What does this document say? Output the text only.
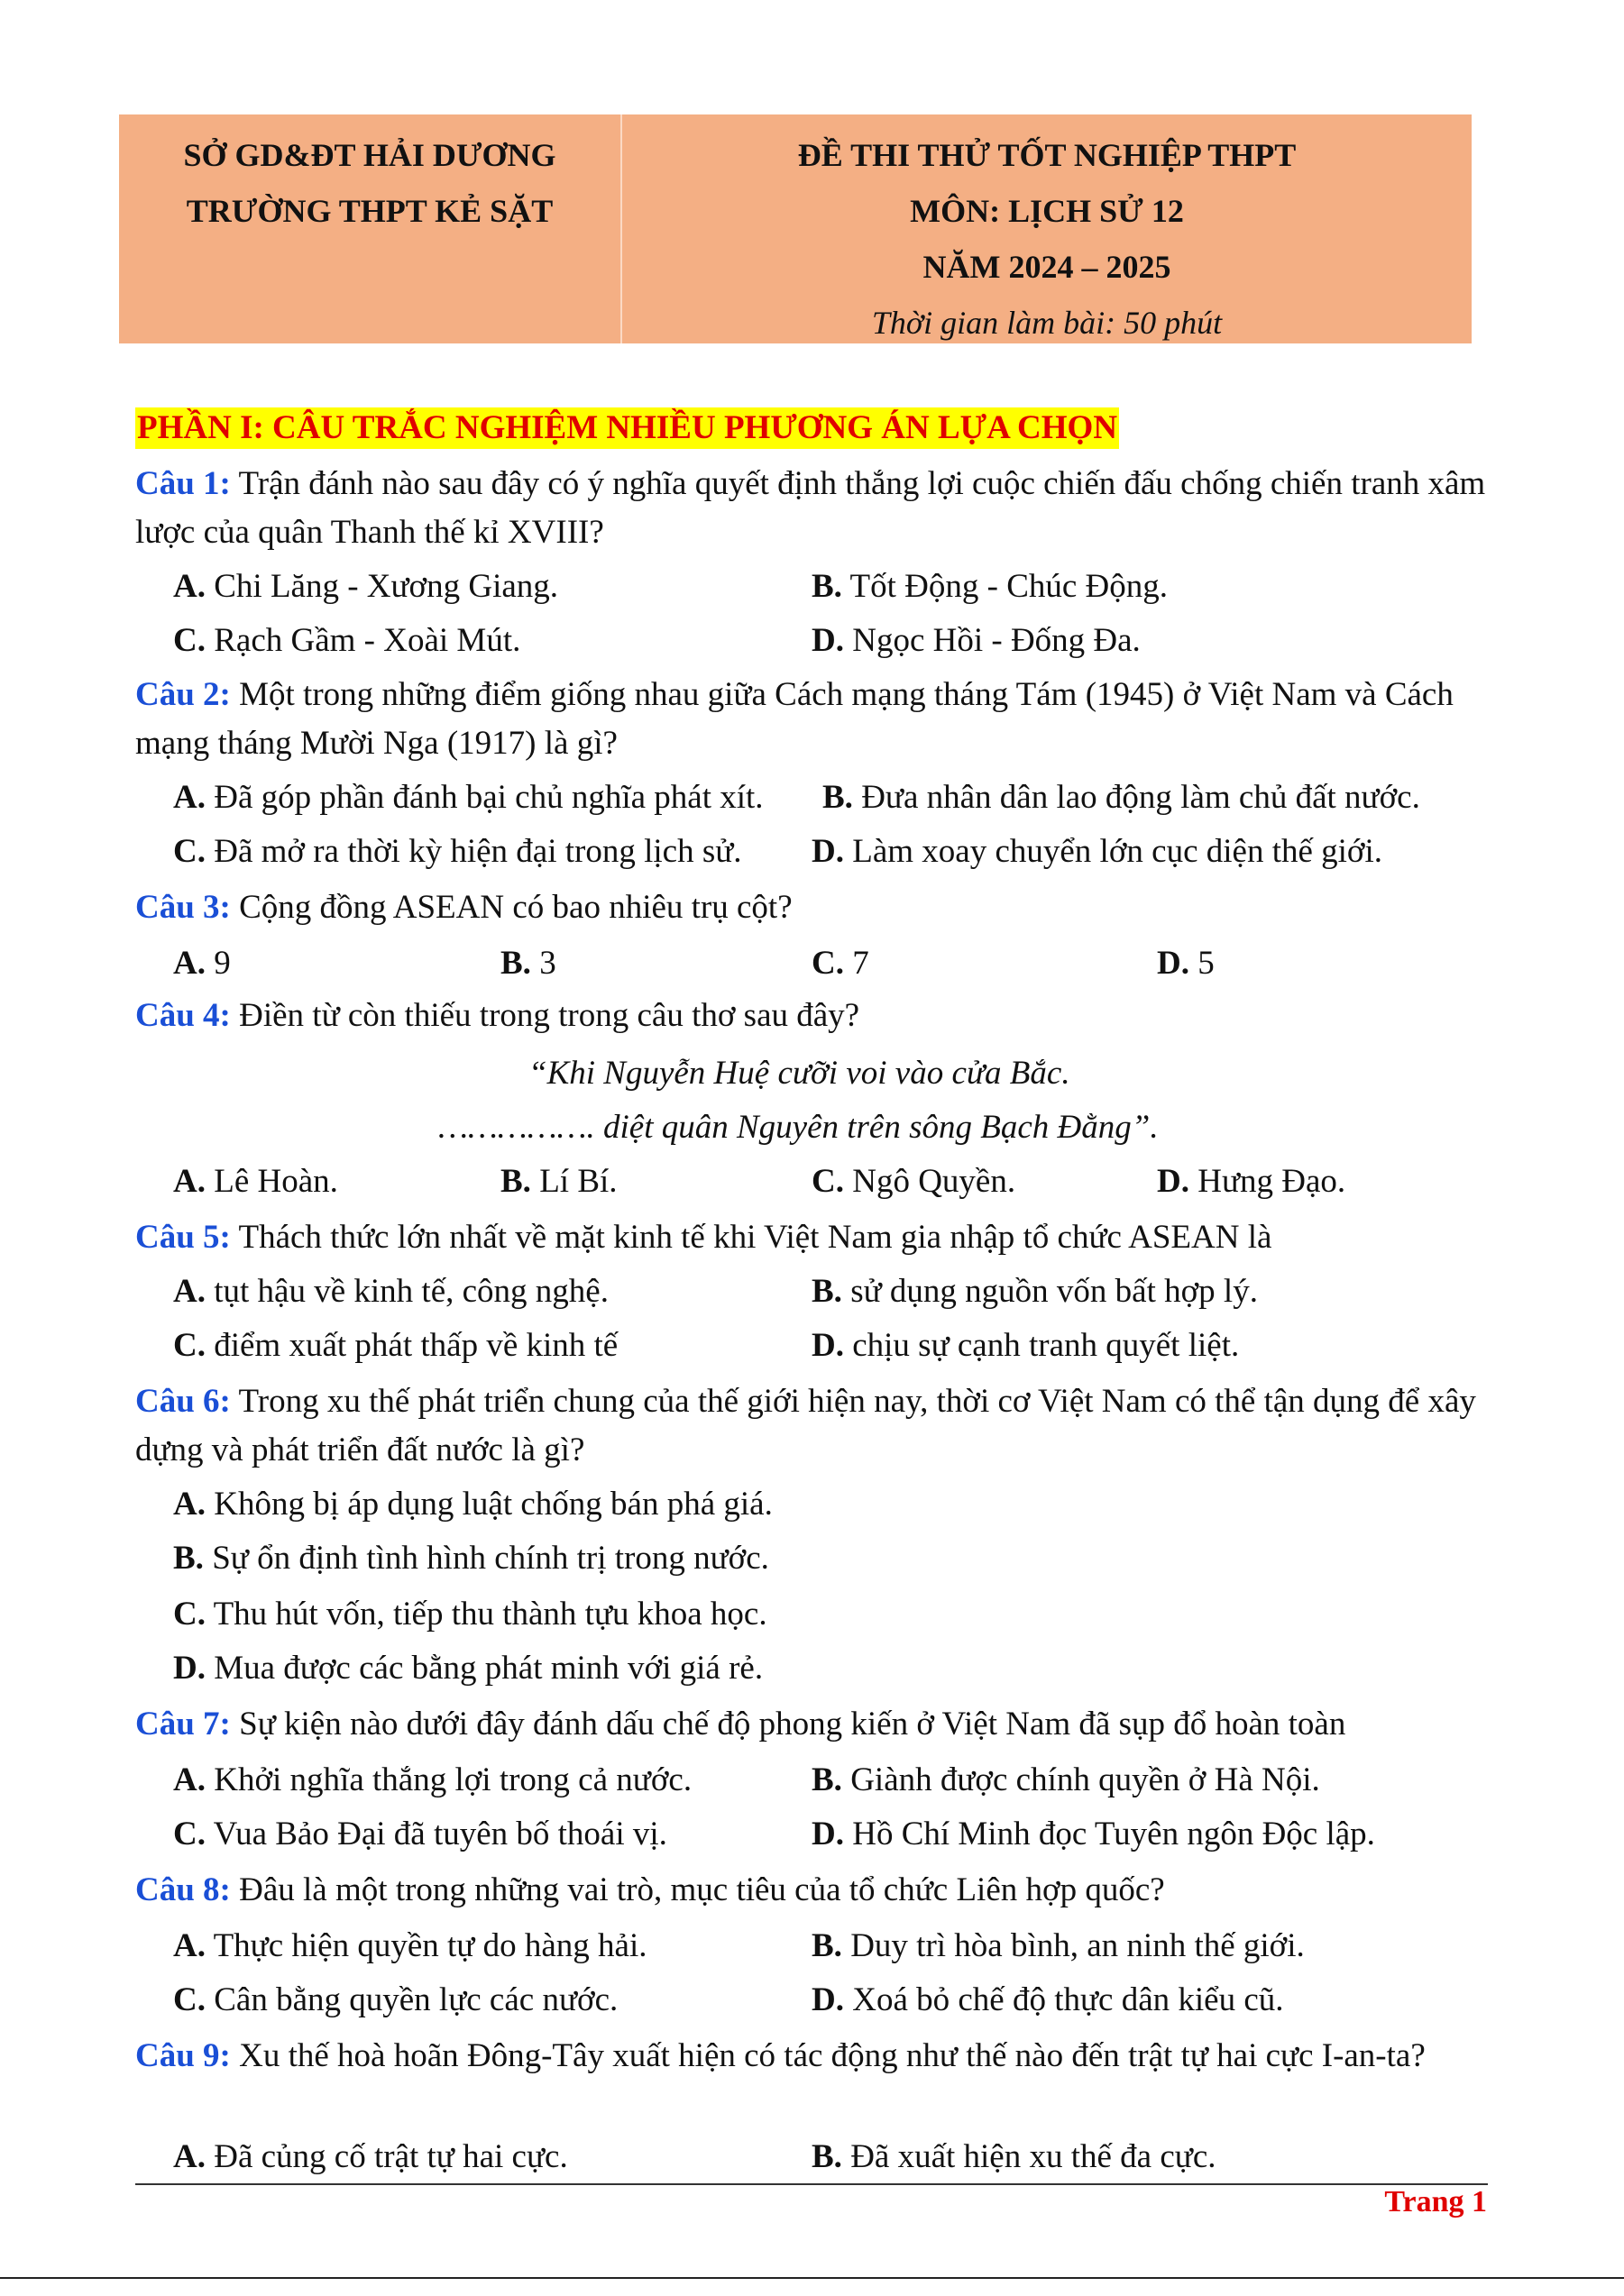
SỞ GD&ĐT HẢI DƯƠNG
TRƯỜNG THPT KẺ SẶT
ĐỀ THI THỬ TỐT NGHIỆP THPT
MÔN: LỊCH SỬ 12
NĂM 2024 – 2025
Thời gian làm bài: 50 phút
PHẦN I: CÂU TRẮC NGHIỆM NHIỀU PHƯƠNG ÁN LỰA CHỌN
Câu 1: Trận đánh nào sau đây có ý nghĩa quyết định thắng lợi cuộc chiến đấu chống chiến tranh xâm lược của quân Thanh thế kỉ XVIII?
A. Chi Lăng - Xương Giang.	B. Tốt Động - Chúc Động.
C. Rạch Gầm - Xoài Mút.	D. Ngọc Hồi - Đống Đa.
Câu 2: Một trong những điểm giống nhau giữa Cách mạng tháng Tám (1945) ở Việt Nam và Cách mạng tháng Mười Nga (1917) là gì?
A. Đã góp phần đánh bại chủ nghĩa phát xít. B. Đưa nhân dân lao động làm chủ đất nước.
C. Đã mở ra thời kỳ hiện đại trong lịch sử. D. Làm xoay chuyển lớn cục diện thế giới.
Câu 3: Cộng đồng ASEAN có bao nhiêu trụ cột?
A. 9	B. 3	C. 7	D. 5
Câu 4: Điền từ còn thiếu trong trong câu thơ sau đây?
“Khi Nguyễn Huệ cưỡi voi vào cửa Bắc.
……………. diệt quân Nguyên trên sông Bạch Đằng”.
A. Lê Hoàn.	B. Lí Bí.	C. Ngô Quyền.	D. Hưng Đạo.
Câu 5: Thách thức lớn nhất về mặt kinh tế khi Việt Nam gia nhập tổ chức ASEAN là
A. tụt hậu về kinh tế, công nghệ.	B. sử dụng nguồn vốn bất hợp lý.
C. điểm xuất phát thấp về kinh tế	D. chịu sự cạnh tranh quyết liệt.
Câu 6: Trong xu thế phát triển chung của thế giới hiện nay, thời cơ Việt Nam có thể tận dụng để xây dựng và phát triển đất nước là gì?
A. Không bị áp dụng luật chống bán phá giá.
B. Sự ổn định tình hình chính trị trong nước.
C. Thu hút vốn, tiếp thu thành tựu khoa học.
D. Mua được các bằng phát minh với giá rẻ.
Câu 7: Sự kiện nào dưới đây đánh dấu chế độ phong kiến ở Việt Nam đã sụp đổ hoàn toàn
A. Khởi nghĩa thắng lợi trong cả nước.	B. Giành được chính quyền ở Hà Nội.
C. Vua Bảo Đại đã tuyên bố thoái vị.	D. Hồ Chí Minh đọc Tuyên ngôn Độc lập.
Câu 8: Đâu là một trong những vai trò, mục tiêu của tổ chức Liên hợp quốc?
A. Thực hiện quyền tự do hàng hải.	B. Duy trì hòa bình, an ninh thế giới.
C. Cân bằng quyền lực các nước.	D. Xoá bỏ chế độ thực dân kiểu cũ.
Câu 9: Xu thế hoà hoãn Đông-Tây xuất hiện có tác động như thế nào đến trật tự hai cực I-an-ta?
A. Đã củng cố trật tự hai cực.	B. Đã xuất hiện xu thế đa cực.
Trang 1
